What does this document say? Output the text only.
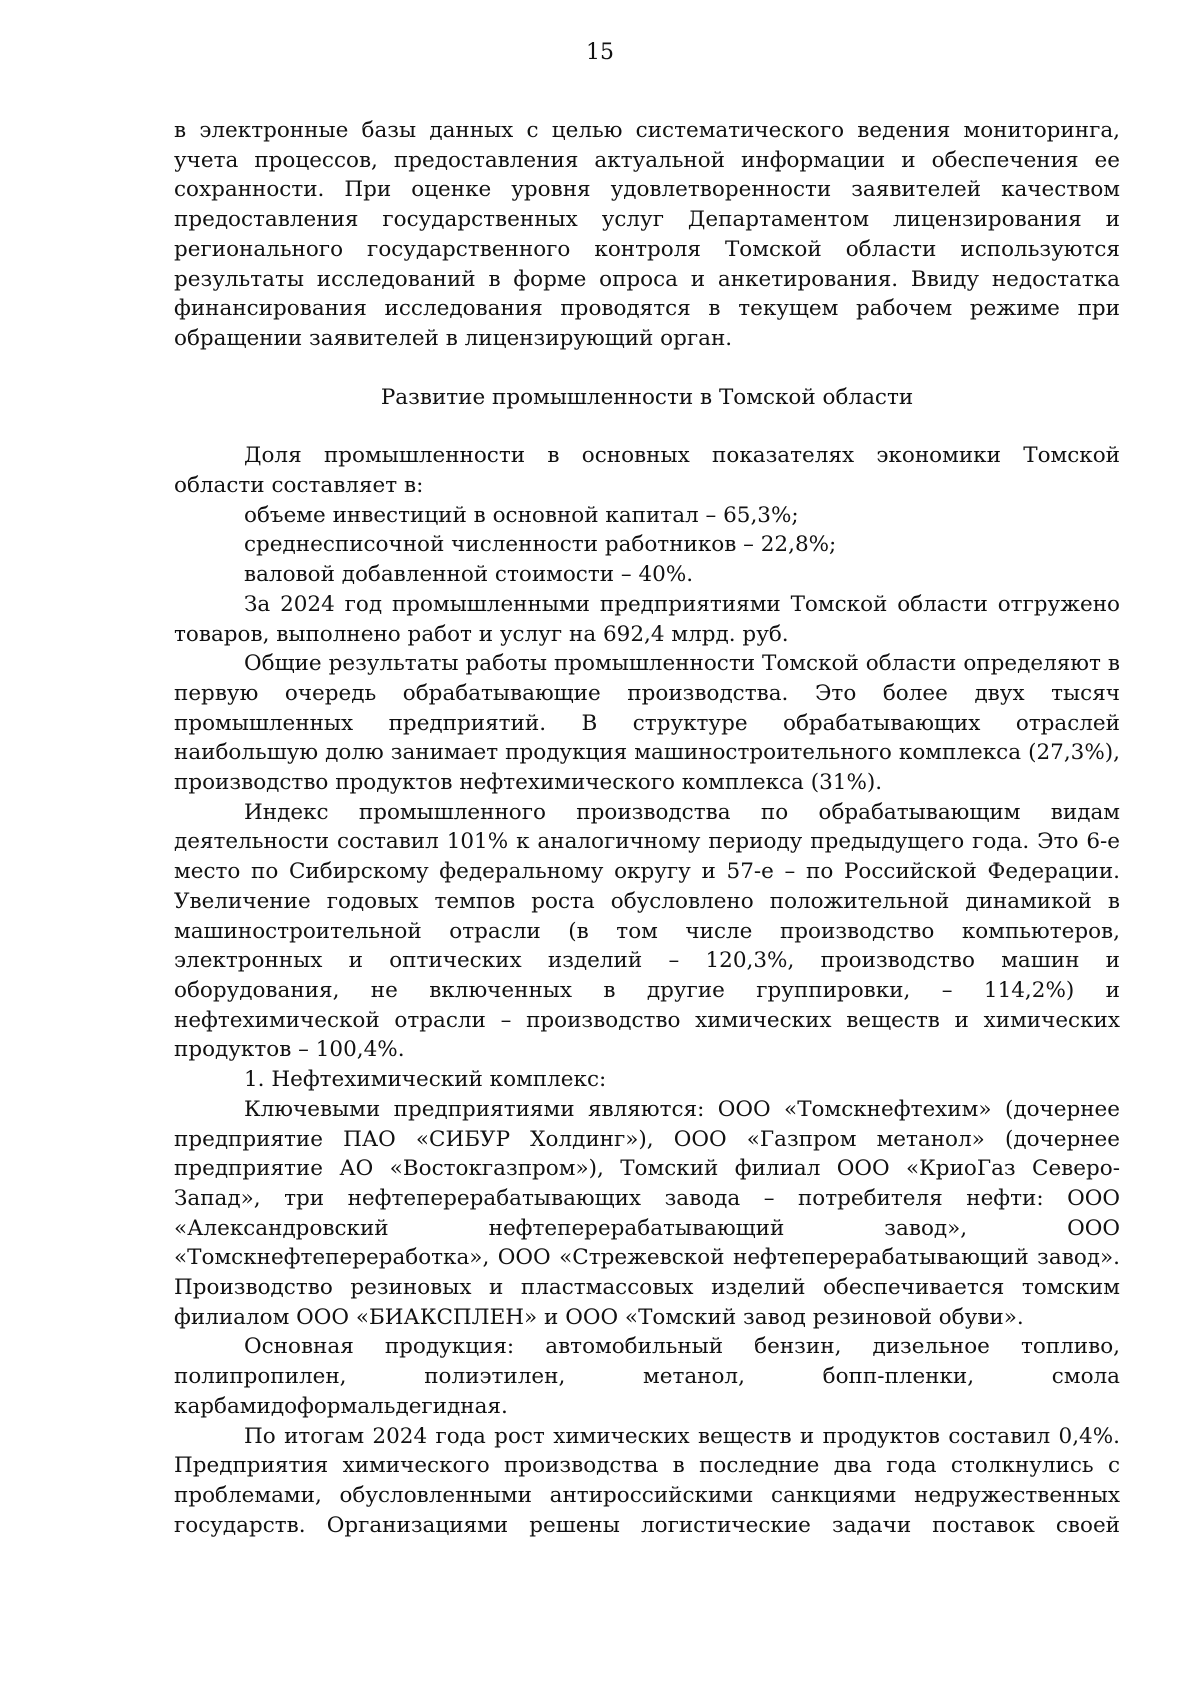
15

в электронные базы данных с целью систематического ведения мониторинга, учета процессов, предоставления актуальной информации и обеспечения ее сохранности. При оценке уровня удовлетворенности заявителей качеством предоставления государственных услуг Департаментом лицензирования и регионального государственного контроля Томской области используются результаты исследований в форме опроса и анкетирования. Ввиду недостатка финансирования исследования проводятся в текущем рабочем режиме при обращении заявителей в лицензирующий орган.

Развитие промышленности в Томской области

Доля промышленности в основных показателях экономики Томской области составляет в:

объеме инвестиций в основной капитал – 65,3%;

среднесписочной численности работников – 22,8%;

валовой добавленной стоимости – 40%.

За 2024 год промышленными предприятиями Томской области отгружено товаров, выполнено работ и услуг на 692,4 млрд. руб.

Общие результаты работы промышленности Томской области определяют в первую очередь обрабатывающие производства. Это более двух тысяч промышленных предприятий. В структуре обрабатывающих отраслей наибольшую долю занимает продукция машиностроительного комплекса (27,3%), производство продуктов нефтехимического комплекса (31%).

Индекс промышленного производства по обрабатывающим видам деятельности составил 101% к аналогичному периоду предыдущего года. Это 6-е место по Сибирскому федеральному округу и 57-е – по Российской Федерации. Увеличение годовых темпов роста обусловлено положительной динамикой в машиностроительной отрасли (в том числе производство компьютеров, электронных и оптических изделий – 120,3%, производство машин и оборудования, не включенных в другие группировки, – 114,2%) и нефтехимической отрасли – производство химических веществ и химических продуктов – 100,4%.

1. Нефтехимический комплекс:

Ключевыми предприятиями являются: ООО «Томскнефтехим» (дочернее предприятие ПАО «СИБУР Холдинг»), ООО «Газпром метанол» (дочернее предприятие АО «Востокгазпром»), Томский филиал ООО «КриоГаз Северо-Запад», три нефтеперерабатывающих завода – потребителя нефти: ООО «Александровский нефтеперерабатывающий завод», ООО «Томскнефтепереработка», ООО «Стрежевской нефтеперерабатывающий завод». Производство резиновых и пластмассовых изделий обеспечивается томским филиалом ООО «БИАКСПЛЕН» и ООО «Томский завод резиновой обуви».

Основная продукция: автомобильный бензин, дизельное топливо, полипропилен, полиэтилен, метанол, бопп-пленки, смола карбамидоформальдегидная.

По итогам 2024 года рост химических веществ и продуктов составил 0,4%. Предприятия химического производства в последние два года столкнулись с проблемами, обусловленными антироссийскими санкциями недружественных государств. Организациями решены логистические задачи поставок своей
